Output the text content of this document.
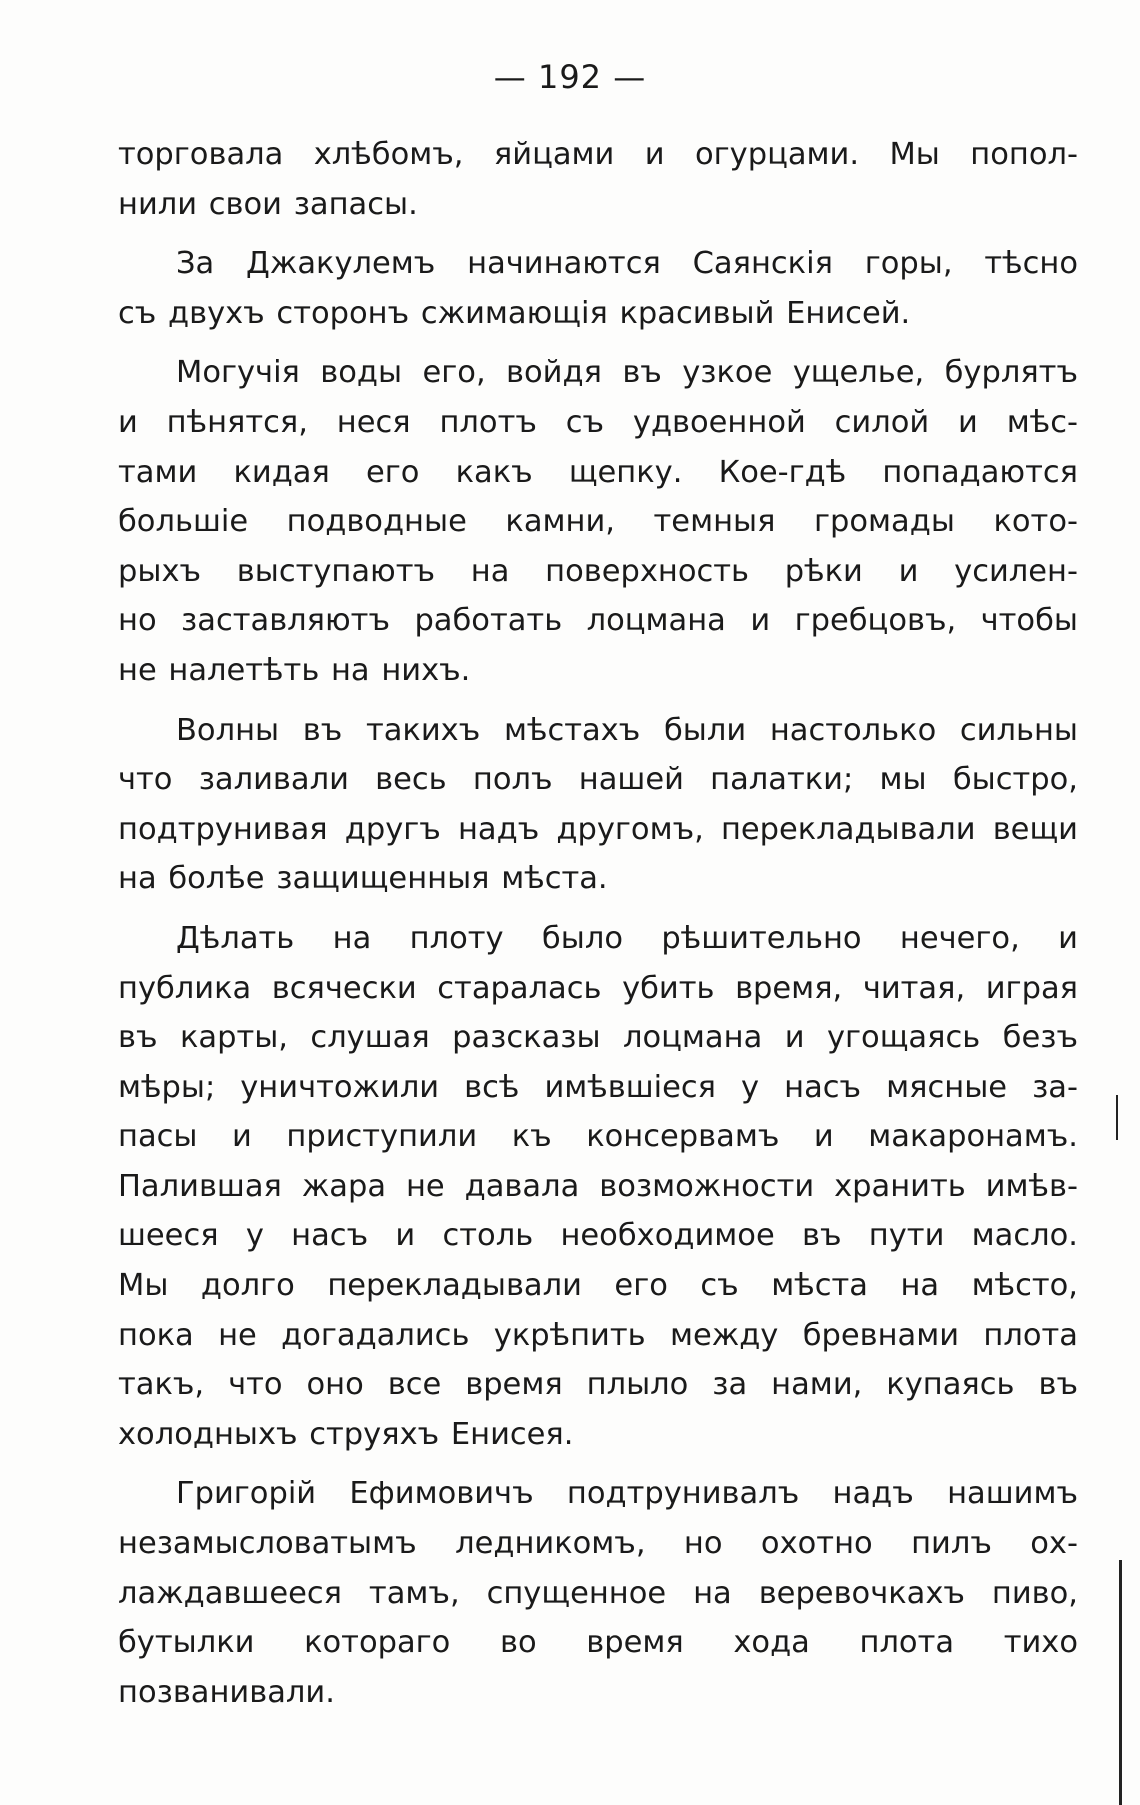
— 192 —

торговала хлѣбомъ, яйцами и огурцами. Мы попол-
нили свои запасы.

За Джакулемъ начинаются Саянскія горы, тѣсно
съ двухъ сторонъ сжимающія красивый Енисей.

Могучія воды его, войдя въ узкое ущелье, бурлятъ
и пѣнятся, неся плотъ съ удвоенной силой и мѣс-
тами кидая его какъ щепку. Кое-гдѣ попадаются
большіе подводные камни, темныя громады кото-
рыхъ выступаютъ на поверхность рѣки и усилен-
но заставляютъ работать лоцмана и гребцовъ, чтобы
не налетѣть на нихъ.

Волны въ такихъ мѣстахъ были настолько сильны
что заливали весь полъ нашей палатки; мы быстро,
подтрунивая другъ надъ другомъ, перекладывали вещи
на болѣе защищенныя мѣста.

Дѣлать на плоту было рѣшительно нечего, и
публика всячески старалась убить время, читая, играя
въ карты, слушая разсказы лоцмана и угощаясь безъ
мѣры; уничтожили всѣ имѣвшіеся у насъ мясные за-
пасы и приступили къ консервамъ и макаронамъ.
Палившая жара не давала возможности хранить имѣв-
шееся у насъ и столь необходимое въ пути масло.
Мы долго перекладывали его съ мѣста на мѣсто,
пока не догадались укрѣпить между бревнами плота
такъ, что оно все время плыло за нами, купаясь въ
холодныхъ струяхъ Енисея.

Григорій Ефимовичъ подтрунивалъ надъ нашимъ
незамысловатымъ ледникомъ, но охотно пилъ ох-
лаждавшееся тамъ, спущенное на веревочкахъ пиво,
бутылки котораго во время хода плота тихо
позванивали.
